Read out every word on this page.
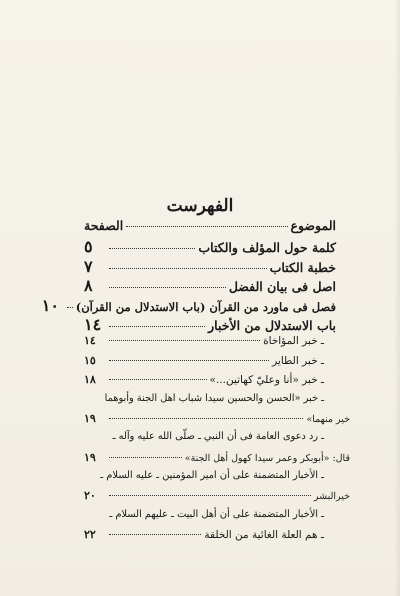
الفهرست
الموضوع
الصفحة
كلمة حول المؤلف والكتاب
٥
خطبة الكتاب
٧
اصل فى بيان الفضل
٨
فصل فى ماورد من القرآن (باب الاستدلال من القرآن)
١٠
باب الاستدلال من الأخبار
١٤
ـ خبر المؤاخاة
١٤
ـ خبر الطاير
١٥
ـ خبر «أنا وعليّ كهاتين...»
١٨
ـ خبر «الحسن والحسين سيدا شباب اهل الجنة وأبوهما
خير منهما»
١٩
ـ رد دعوى العامة فى أن النبي ـ صلّى الله عليه وآله ـ
قال: «أبوبكر وعمر سيدا كهول أهل الجنة»
١٩
ـ الأخبار المتضمنة على أن امير المؤمنين ـ عليه السلام ـ
خيرالبشر
٢٠
ـ الأخبار المتضمنة على أن أهل البيت ـ عليهم السلام ـ
ـ هم العلة الغائية من الخلقة
٢٢
